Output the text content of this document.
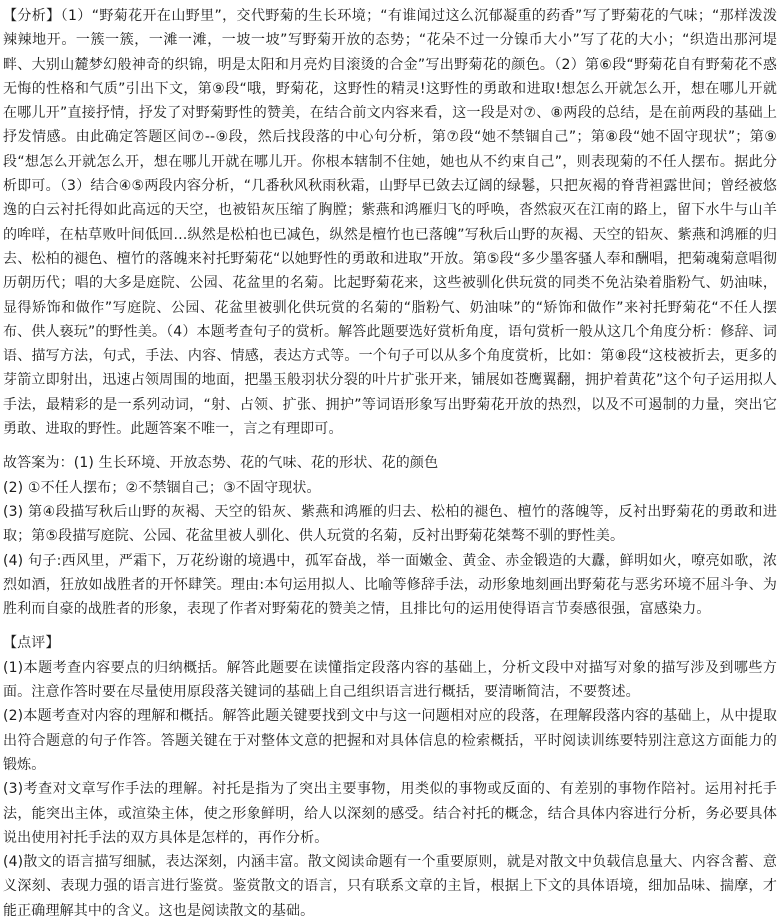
【分析】（1）“野菊花开在山野里”，交代野菊的生长环境；“有谁闻过这么沉郁凝重的药香”写了野菊花的气味；“那样泼泼辣辣地开。一簇一簇，一滩一滩，一坡一坡”写野菊开放的态势；“花朵不过一分镍币大小”写了花的大小；“织造出那河堤畔、大别山麓梦幻般神奇的织锦，明是太阳和月亮灼目滚烫的合金”写出野菊花的颜色。（2）第⑥段“野菊花自有野菊花不惑无悔的性格和气质”引出下文，第⑨段“哦，野菊花，这野性的精灵!这野性的勇敢和进取!想怎么开就怎么开，想在哪儿开就在哪儿开”直接抒情，抒发了对野菊野性的赞美，在结合前文内容来看，这一段是对⑦、⑧两段的总结，是在前两段的基础上抒发情感。由此确定答题区间⑦--⑨段，然后找段落的中心句分析，第⑦段“她不禁锢自己”；第⑧段“她不固守现状”；第⑨段“想怎么开就怎么开，想在哪儿开就在哪儿开。你根本辖制不住她，她也从不约束自己”，则表现菊的不任人摆布。据此分析即可。（3）结合④⑤两段内容分析，“几番秋风秋雨秋霜，山野早已敛去辽阔的绿鬈，只把灰褐的脊背袒露世间；曾经被悠逸的白云衬托得如此高远的天空，也被铅灰压缩了胸膛；紫燕和鸿雁归飞的呼唤，沓然寂灭在江南的路上，留下水牛与山羊的哞咩，在枯草败叶间低回…纵然是松柏也已减色，纵然是檀竹也已落魄”写秋后山野的灰褐、天空的铅灰、紫燕和鸿雁的归去、松柏的褪色、檀竹的落魄来衬托野菊花“以她野性的勇敢和进取”开放。第⑤段“多少墨客骚人奉和酬唱，把菊魂菊意唱彻历朝历代；唱的大多是庭院、公园、花盆里的名菊。比起野菊花来，这些被驯化供玩赏的同类不免沾染着脂粉气、奶油味，显得矫饰和做作”写庭院、公园、花盆里被驯化供玩赏的名菊的“脂粉气、奶油味”的“矫饰和做作”来衬托野菊花“不任人摆布、供人亵玩”的野性美。（4）本题考查句子的赏析。解答此题要选好赏析角度，语句赏析一般从这几个角度分析：修辞、词语、描写方法，句式，手法、内容、情感，表达方式等。一个句子可以从多个角度赏析，比如：第⑧段“这枝被折去，更多的芽箭立即射出，迅速占领周围的地面，把墨玉般羽状分裂的叶片扩张开来，铺展如苍鹰翼翻，拥护着黄花”这个句子运用拟人手法，最精彩的是一系列动词，“射、占领、扩张、拥护”等词语形象写出野菊花开放的热烈，以及不可遏制的力量，突出它勇敢、进取的野性。此题答案不唯一，言之有理即可。

故答案为：(1) 生长环境、开放态势、花的气味、花的形状、花的颜色

(2) ①不任人摆布；②不禁锢自己；③不固守现状。

(3) 第④段描写秋后山野的灰褐、天空的铅灰、紫燕和鸿雁的归去、松柏的褪色、檀竹的落魄等，反衬出野菊花的勇敢和进取；第⑤段描写庭院、公园、花盆里被人驯化、供人玩赏的名菊，反衬出野菊花桀骜不驯的野性美。

(4) 句子:西风里，严霜下，万花纷谢的境遇中，孤军奋战，举一面嫩金、黄金、赤金锻造的大纛，鲜明如火，嘹亮如歌，浓烈如酒，狂放如战胜者的开怀肆笑。理由:本句运用拟人、比喻等修辞手法，动形象地刻画出野菊花与恶劣环境不屈斗争、为胜利而自豪的战胜者的形象，表现了作者对野菊花的赞美之情，且排比句的运用使得语言节奏感很强，富感染力。

【点评】

(1)本题考查内容要点的归纳概括。解答此题要在读懂指定段落内容的基础上，分析文段中对描写对象的描写涉及到哪些方面。注意作答时要在尽量使用原段落关键词的基础上自己组织语言进行概括，要清晰简洁，不要赘述。

(2)本题考查对内容的理解和概括。解答此题关键要找到文中与这一问题相对应的段落，在理解段落内容的基础上，从中提取出符合题意的句子作答。答题关键在于对整体文意的把握和对具体信息的检索概括，平时阅读训练要特别注意这方面能力的锻炼。

(3)考查对文章写作手法的理解。衬托是指为了突出主要事物，用类似的事物或反面的、有差别的事物作陪衬。运用衬托手法，能突出主体，或渲染主体，使之形象鲜明，给人以深刻的感受。结合衬托的概念，结合具体内容进行分析，务必要具体说出使用衬托手法的双方具体是怎样的，再作分析。

(4)散文的语言描写细腻，表达深刻，内涵丰富。散文阅读命题有一个重要原则，就是对散文中负载信息量大、内容含蓄、意义深刻、表现力强的语言进行鉴赏。鉴赏散文的语言，只有联系文章的主旨，根据上下文的具体语境，细加品味、揣摩，才能正确理解其中的含义。这也是阅读散文的基础。
